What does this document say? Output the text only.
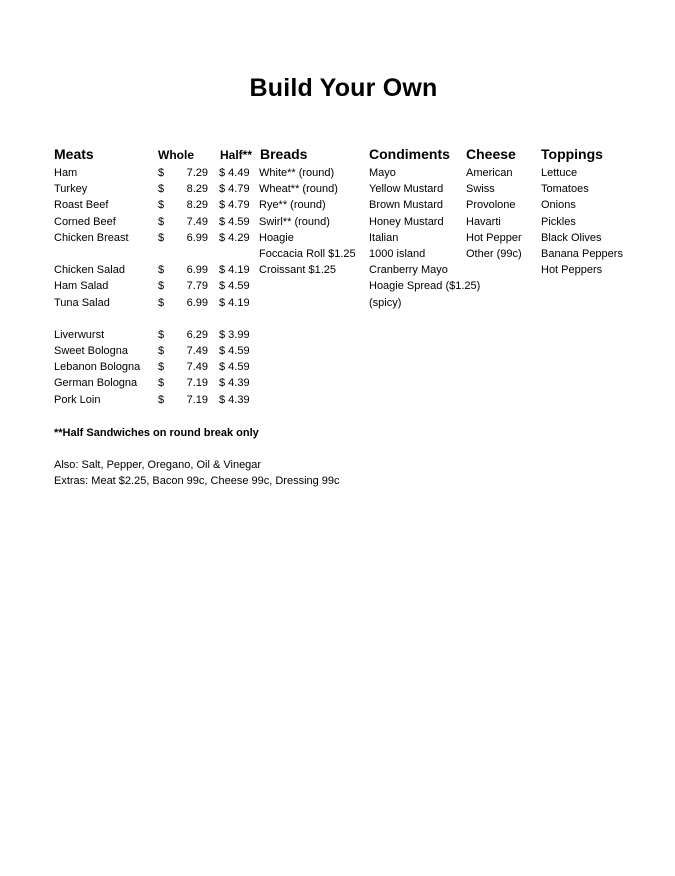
Build Your Own
Meats	Whole Half** Breads	Condiments Cheese Toppings
Ham
Turkey
Roast Beef
Corned Beef
Chicken Breast
Chicken Salad
Ham Salad
Tuna Salad
Liverwurst
Sweet Bologna
Lebanon Bologna
German Bologna
Pork Loin
$
$
$
$
$
$
$
$
$
$
$
$
$
7.29
8.29
8.29
7.49
6.99
6.99
7.79
6.99
6.29
7.49
7.49
7.19
7.19
$ 4.49
$ 4.79
$ 4.79
$ 4.59
$ 4.29
$ 4.19
$ 4.59
$ 4.19
$ 3.99
$ 4.59
$ 4.59
$ 4.39
$ 4.39
White** (round)
Wheat** (round)
Rye** (round)
Swirl** (round)
Hoagie
Foccacia Roll $1.25
Croissant $1.25
Mayo
Yellow Mustard
Brown Mustard
Honey Mustard
Italian
1000 island
Cranberry Mayo
Hoagie Spread ($1.25)
(spicy)
American
Swiss
Provolone
Havarti
Hot Pepper
Other (99c)
Lettuce
Tomatoes
Onions
Pickles
Black Olives
Banana Peppers
Hot Peppers
**Half Sandwiches on round break only
Also: Salt, Pepper, Oregano, Oil & Vinegar
Extras: Meat $2.25, Bacon 99c, Cheese 99c, Dressing 99c
